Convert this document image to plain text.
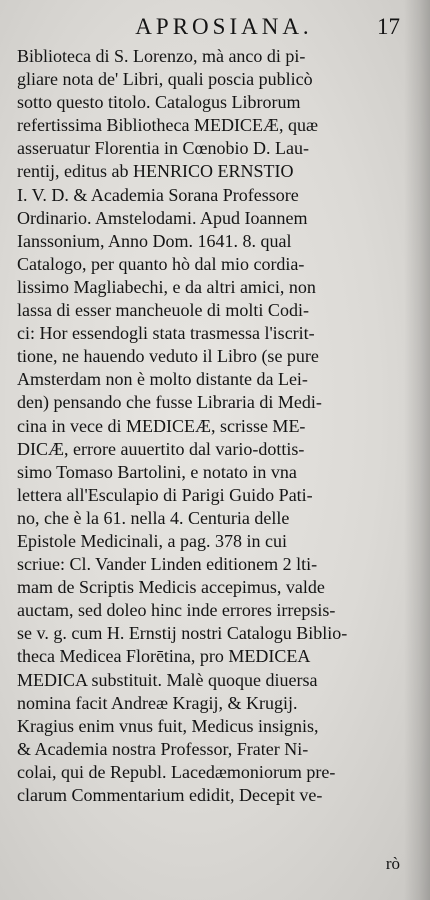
APROSIANA.	17
Biblioteca di S. Lorenzo, mà anco di pi-
gliare nota de' Libri, quali poscia publicò
sotto questo titolo. Catalogus Librorum
refertissima Bibliotheca MEDICEÆ, quæ
asseruatur Florentia in Cœnobio D. Lau-
rentij, editus ab HENRICO ERNSTIO
I. V. D. & Academia Sorana Professore
Ordinario. Amstelodami. Apud Ioannem
Ianssonium, Anno Dom. 1641. 8. qual
Catalogo, per quanto hò dal mio cordia-
lissimo Magliabechi, e da altri amici, non
lassa di esser mancheuole di molti Codi-
ci: Hor essendogli stata trasmessa l'iscrit-
tione, ne hauendo veduto il Libro (se pure
Amsterdam non è molto distante da Lei-
den) pensando che fusse Libraria di Medi-
cina in vece di MEDICEÆ, scrisse ME-
DICÆ, errore auuertito dal vario-dottis-
simo Tomaso Bartolini, e notato in vna
lettera all'Esculapio di Parigi Guido Pati-
no, che è la 61. nella 4. Centuria delle
Epistole Medicinali, a pag. 378 in cui
scriue: Cl. Vander Linden editionem 2 lti-
mam de Scriptis Medicis accepimus, valde
auctam, sed doleo hinc inde errores irrepsis-
se v. g. cum H. Ernstij nostri Catalogu Biblio-
theca Medicea Florētina, pro MEDICEA
MEDICA substituit. Malè quoque diuersa
nomina facit Andreæ Kragij, & Krugij.
Kragius enim vnus fuit, Medicus insignis,
& Academia nostra Professor, Frater Ni-
colai, qui de Republ. Lacedæmoniorum pre-
clarum Commentarium edidit, Decepit ve-
rò
